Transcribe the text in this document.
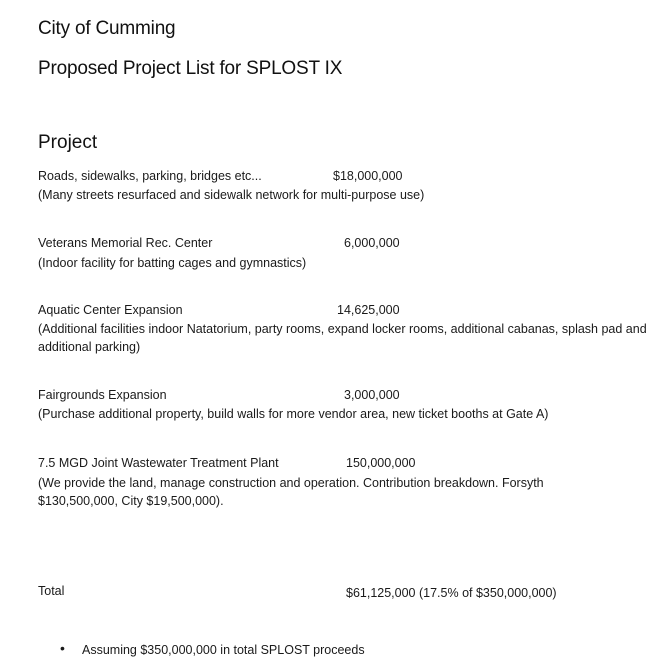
City of Cumming
Proposed Project List for SPLOST IX
Project
Roads, sidewalks, parking, bridges etc...	$18,000,000
(Many streets resurfaced and sidewalk network for multi-purpose use)
Veterans Memorial Rec. Center	6,000,000
(Indoor facility for batting cages and gymnastics)
Aquatic Center Expansion	14,625,000
(Additional facilities indoor Natatorium, party rooms, expand locker rooms, additional cabanas, splash pad and additional parking)
Fairgrounds Expansion	3,000,000
(Purchase additional property, build walls for more vendor area, new ticket booths at Gate A)
7.5 MGD Joint Wastewater Treatment Plant	150,000,000
(We provide the land, manage construction and operation. Contribution breakdown. Forsyth $130,500,000, City $19,500,000).
Total	$61,125,000 (17.5% of $350,000,000)
• Assuming $350,000,000 in total SPLOST proceeds
